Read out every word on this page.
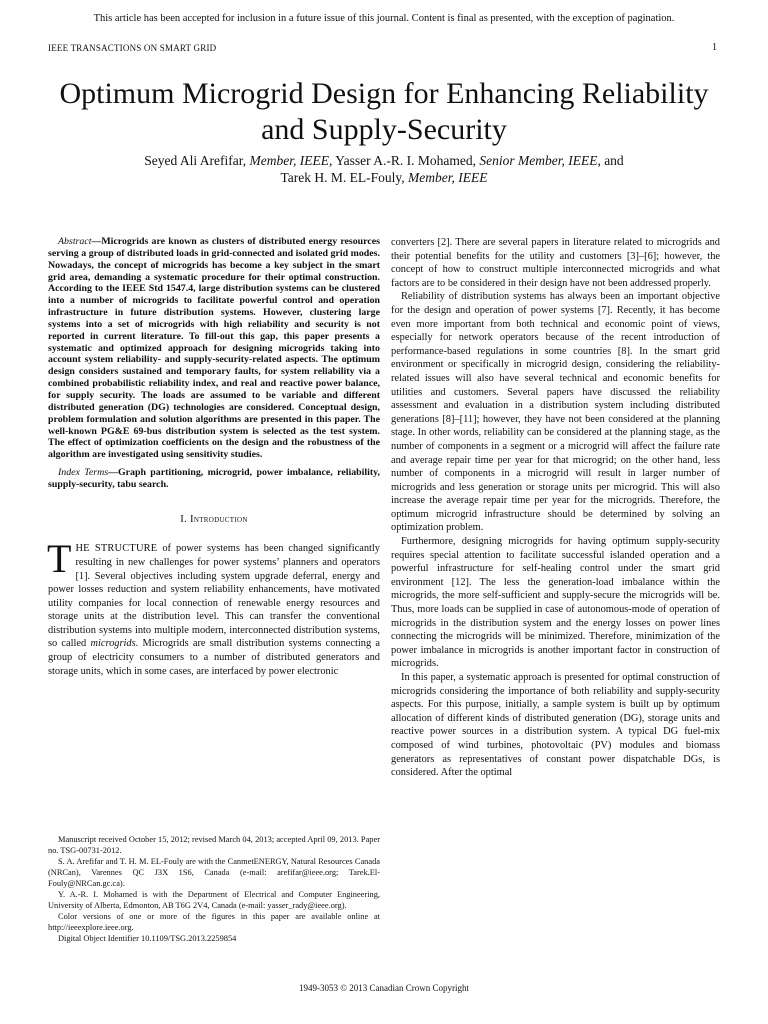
This article has been accepted for inclusion in a future issue of this journal. Content is final as presented, with the exception of pagination.
IEEE TRANSACTIONS ON SMART GRID	1
Optimum Microgrid Design for Enhancing Reliability
and Supply-Security
Seyed Ali Arefifar, Member, IEEE, Yasser A.-R. I. Mohamed, Senior Member, IEEE, and
Tarek H. M. EL-Fouly, Member, IEEE

Abstract—Microgrids are known as clusters of distributed energy resources serving a group of distributed loads in grid-connected and isolated grid modes. Nowadays, the concept of microgrids has become a key subject in the smart grid area, demanding a systematic procedure for their optimal construction. According to the IEEE Std 1547.4, large distribution systems can be clustered into a number of microgrids to facilitate powerful control and operation infrastructure in future distribution systems. However, clustering large systems into a set of microgrids with high reliability and security is not reported in current literature. To fill-out this gap, this paper presents a systematic and optimized approach for designing microgrids taking into account system reliability- and supply-security-related aspects. The optimum design considers sustained and temporary faults, for system reliability via a combined probabilistic reliability index, and real and reactive power balance, for supply security. The loads are assumed to be variable and different distributed generation (DG) technologies are considered. Conceptual design, problem formulation and solution algorithms are presented in this paper. The well-known PG&E 69-bus distribution system is selected as the test system. The effect of optimization coefficients on the design and the robustness of the algorithm are investigated using sensitivity studies.

Index Terms—Graph partitioning, microgrid, power imbalance, reliability, supply-security, tabu search.

I. Introduction

THE STRUCTURE of power systems has been changed significantly resulting in new challenges for power systems’ planners and operators [1]. Several objectives including system upgrade deferral, energy and power losses reduction and system reliability enhancements, have motivated utility companies for local connection of renewable energy resources and storage units at the distribution level. This can transfer the conventional distribution systems into multiple modern, interconnected distribution systems, so called microgrids. Microgrids are small distribution systems connecting a group of electricity consumers to a number of distributed generators and storage units, which in some cases, are interfaced by power electronic

Manuscript received October 15, 2012; revised March 04, 2013; accepted April 09, 2013. Paper no. TSG-00731-2012.

S. A. Arefifar and T. H. M. EL-Fouly are with the CanmetENERGY, Natural Resources Canada (NRCan), Varennes QC J3X 1S6, Canada (e-mail: arefifar@ieee.org; Tarek.El-Fouly@NRCan.gc.ca).

Y. A.-R. I. Mohamed is with the Department of Electrical and Computer Engineering, University of Alberta, Edmonton, AB T6G 2V4, Canada (e-mail: yasser_rady@ieee.org).

Color versions of one or more of the figures in this paper are available online at http://ieeexplore.ieee.org.

Digital Object Identifier 10.1109/TSG.2013.2259854

converters [2]. There are several papers in literature related to microgrids and their potential benefits for the utility and customers [3]–[6]; however, the concept of how to construct multiple interconnected microgrids and what factors are to be considered in their design have not been addressed properly.

Reliability of distribution systems has always been an important objective for the design and operation of power systems [7]. Recently, it has become even more important from both technical and economic point of views, especially for network operators because of the recent introduction of performance-based regulations in some countries [8]. In the smart grid environment or specifically in microgrid design, considering the reliability-related issues will also have several technical and economic benefits for utilities and customers. Several papers have discussed the reliability assessment and evaluation in a distribution system including distributed generations [8]–[11]; however, they have not been considered at the planning stage. In other words, reliability can be considered at the planning stage, as the number of components in a segment or a microgrid will affect the failure rate and average repair time per year for that microgrid; on the other hand, less number of components in a microgrid will result in larger number of microgrids and less generation or storage units per microgrid. This will also increase the average repair time per year for the microgrids. Therefore, the optimum microgrid infrastructure should be determined by solving an optimization problem.

Furthermore, designing microgrids for having optimum supply-security requires special attention to facilitate successful islanded operation and a powerful infrastructure for self-healing control under the smart grid environment [12]. The less the generation-load imbalance within the microgrids, the more self-sufficient and supply-secure the microgrids will be. Thus, more loads can be supplied in case of autonomous-mode of operation of microgrids in the distribution system and the energy losses on power lines connecting the microgrids will be minimized. Therefore, minimization of the power imbalance in microgrids is another important factor in construction of microgrids.

In this paper, a systematic approach is presented for optimal construction of microgrids considering the importance of both reliability and supply-security aspects. For this purpose, initially, a sample system is built up by optimum allocation of different kinds of distributed generation (DG), storage units and reactive power sources in a distribution system. A typical DG fuel-mix composed of wind turbines, photovoltaic (PV) modules and biomass generators as representatives of constant power dispatchable DGs, is considered. After the optimal

1949-3053 © 2013 Canadian Crown Copyright
